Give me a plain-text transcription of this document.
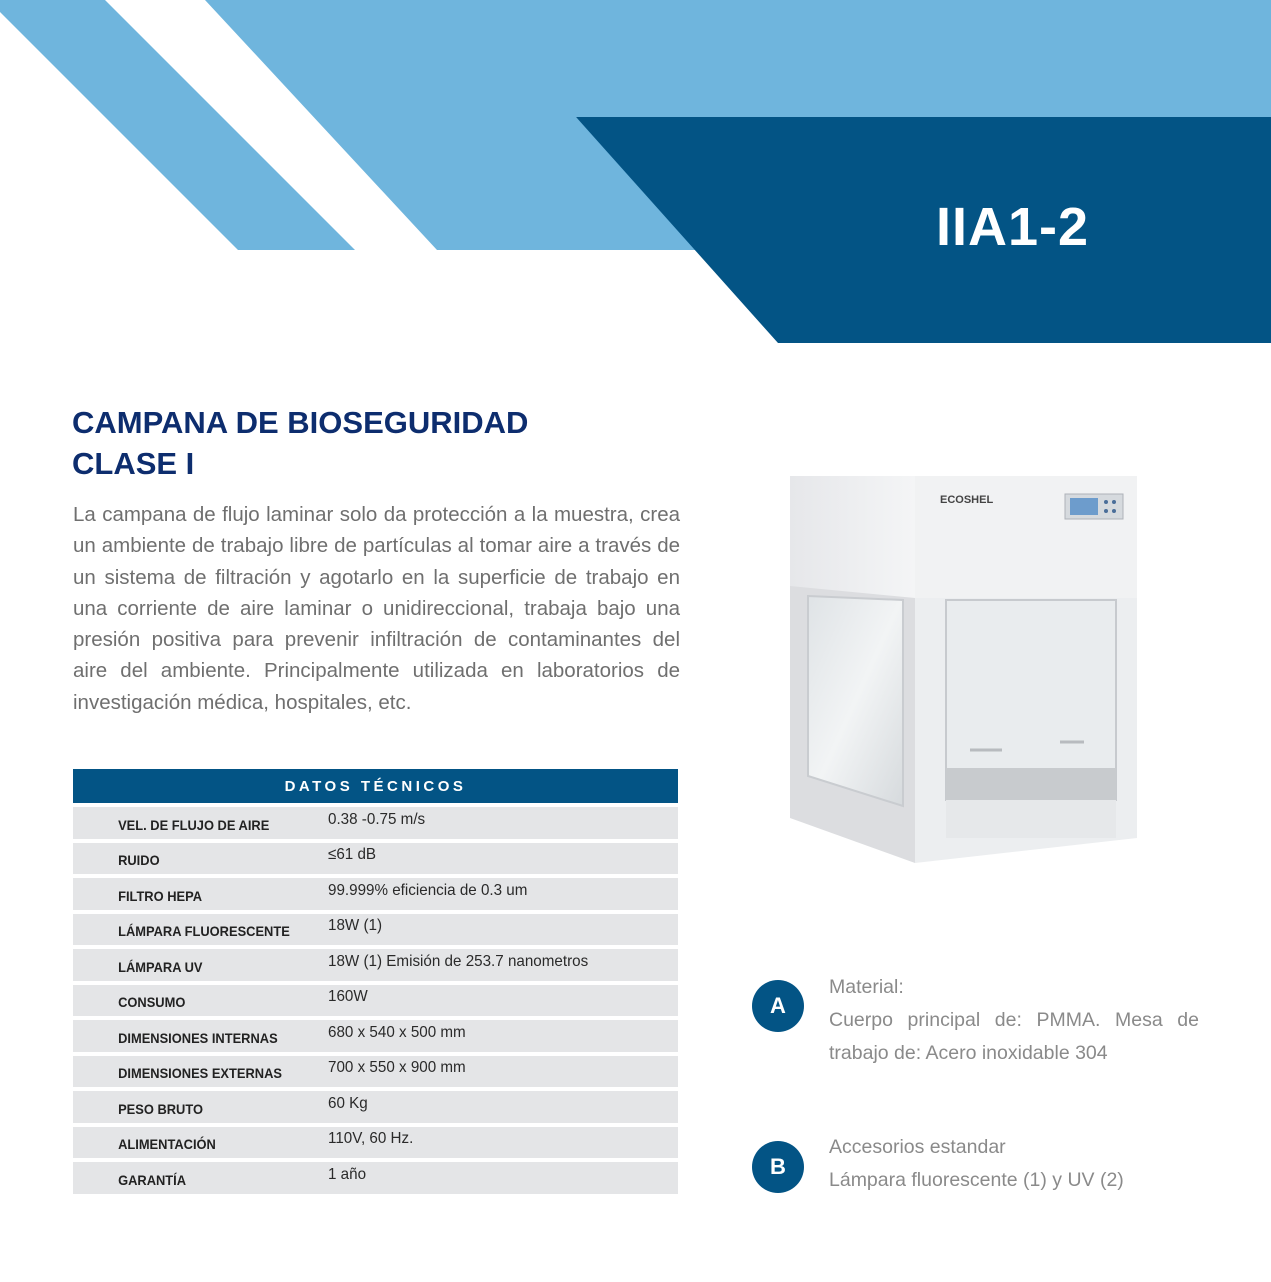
IIA1-2
CAMPANA DE BIOSEGURIDAD
CLASE I

La campana de flujo laminar solo da protección a la muestra, crea un ambiente de trabajo libre de partículas al tomar aire a través de un sistema de filtración y agotarlo en la superficie de trabajo en una corriente de aire laminar o unidireccional, trabaja bajo una presión positiva para prevenir infiltración de contaminantes del aire del ambiente. Principalmente utilizada en laboratorios de investigación médica, hospitales, etc.

DATOS TÉCNICOS
VEL. DE FLUJO DE AIRE	0.38 -0.75 m/s
RUIDO	≤61 dB
FILTRO HEPA	99.999% eficiencia de 0.3 um
LÁMPARA FLUORESCENTE	18W (1)
LÁMPARA UV	18W (1) Emisión de 253.7 nanometros
CONSUMO	160W
DIMENSIONES INTERNAS	680 x 540 x 500 mm
DIMENSIONES EXTERNAS	700 x 550 x 900 mm
PESO BRUTO	60 Kg
ALIMENTACIÓN	110V, 60 Hz.
GARANTÍA	1 año
ECOSHEL
A

Material:
Cuerpo principal de: PMMA. Mesa de trabajo de: Acero inoxidable 304

B

Accesorios estandar
Lámpara fluorescente (1) y UV (2)
